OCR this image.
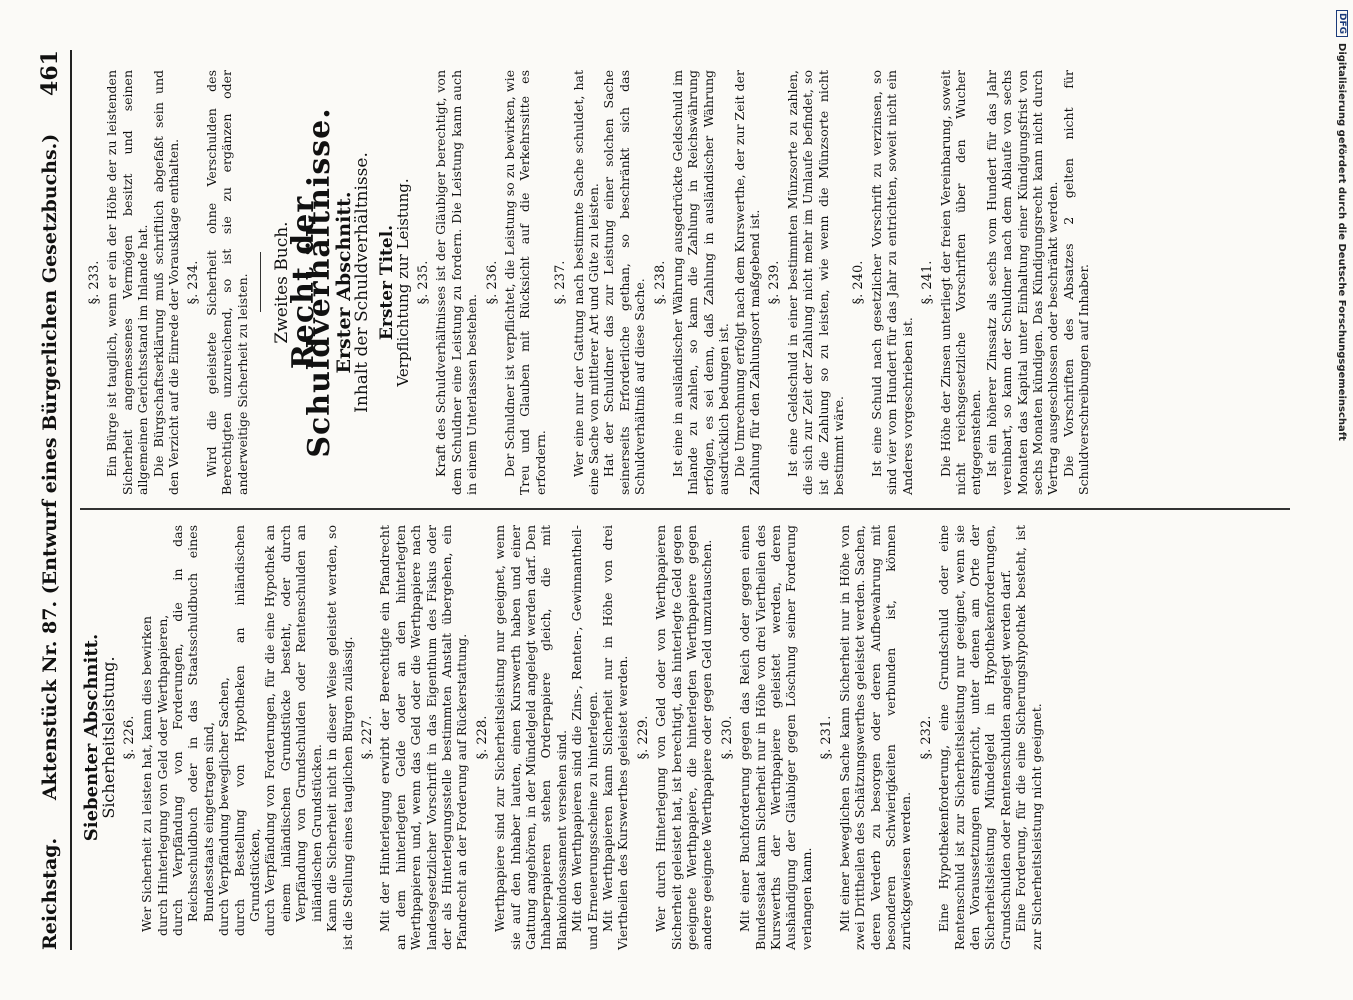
Reichstag.
Aktenstück Nr. 87. (Entwurf eines Bürgerlichen Gesetzbuchs.)
461
Siebenter Abschnitt.
Sicherheitsleistung. §. 226. Wer Sicherheit zu leisten hat, kann dies bewirken durch Hinterlegung von Geld oder Werthpapieren, durch Verpfändung von Forderungen, die in das Reichsschuldbuch oder in das Staatsschuldbuch eines Bundesstaats eingetragen sind, durch Verpfändung beweglicher Sachen, durch Bestellung von Hypotheken an inländischen Grundstücken, durch Verpfändung von Forderungen, für die eine Hypothek an einem inländischen Grundstücke besteht, oder durch Verpfändung von Grundschulden oder Rentenschulden an inländischen Grundstücken. Kann die Sicherheit nicht in dieser Weise geleistet werden, so ist die Stellung eines tauglichen Bürgen zulässig. §. 227. Mit der Hinterlegung erwirbt der Berechtigte ein Pfandrecht an dem hinterlegten Gelde oder an den hinterlegten Werthpapieren und, wenn das Geld oder die Werthpapiere nach landesgesetzlicher Vorschrift in das Eigenthum des Fiskus oder der als Hinterlegungsstelle bestimmten Anstalt übergehen, ein Pfandrecht an der Forderung auf Rückerstattung. §. 228. Werthpapiere sind zur Sicherheitsleistung nur geeignet, wenn sie auf den Inhaber lauten, einen Kurswerth haben und einer Gattung angehören, in der Mündelgeld angelegt werden darf. Den Inhaberpapieren stehen Orderpapiere gleich, die mit Blankoindossament versehen sind. Mit den Werthpapieren sind die Zins-, Renten-, Gewinnantheil- und Erneuerungsscheine zu hinterlegen. Mit Werthpapieren kann Sicherheit nur in Höhe von drei Viertheilen des Kurswerthes geleistet werden. §. 229. Wer durch Hinterlegung von Geld oder von Werthpapieren Sicherheit geleistet hat, ist berechtigt, das hinterlegte Geld gegen geeignete Werthpapiere, die hinterlegten Werthpapiere gegen andere geeignete Werthpapiere oder gegen Geld umzutauschen. §. 230. Mit einer Buchforderung gegen das Reich oder gegen einen Bundesstaat kann Sicherheit nur in Höhe von drei Viertheilen des Kurswerths der Werthpapiere geleistet werden, deren Aushändigung der Gläubiger gegen Löschung seiner Forderung verlangen kann.

§. 231. Mit einer beweglichen Sache kann Sicherheit nur in Höhe von zwei Drittheilen des Schätzungswerthes geleistet werden. Sachen, deren Verderb zu besorgen oder deren Aufbewahrung mit besonderen Schwierigkeiten verbunden ist, können zurückgewiesen werden.

§. 232. Eine Hypothekenforderung, eine Grundschuld oder eine Rentenschuld ist zur Sicherheitsleistung nur geeignet, wenn sie den Voraussetzungen entspricht, unter denen am Orte der Sicherheitsleistung Mündelgeld in Hypothekenforderungen, Grundschulden oder Rentenschulden angelegt werden darf. Eine Forderung, für die eine Sicherungshypothek besteht, ist zur Sicherheitsleistung nicht geeignet.

§. 233. Ein Bürge ist tauglich, wenn er ein der Höhe der zu leistenden Sicherheit angemessenes Vermögen besitzt und seinen allgemeinen Gerichtsstand im Inlande hat. Die Bürgschaftserklärung muß schriftlich abgefaßt sein und den Verzicht auf die Einrede der Vorausklage enthalten. §. 234. Wird die geleistete Sicherheit ohne Verschulden des Berechtigten unzureichend, so ist sie zu ergänzen oder anderweitige Sicherheit zu leisten. Zweites Buch.
Recht der Schuldverhältnisse.
Erster Abschnitt.
Inhalt der Schuldverhältnisse. Erster Titel.
Verpflichtung zur Leistung. §. 235. Kraft des Schuldverhältnisses ist der Gläubiger berechtigt, von dem Schuldner eine Leistung zu fordern. Die Leistung kann auch in einem Unterlassen bestehen.

§. 236. Der Schuldner ist verpflichtet, die Leistung so zu bewirken, wie Treu und Glauben mit Rücksicht auf die Verkehrssitte es erfordern.

§. 237. Wer eine nur der Gattung nach bestimmte Sache schuldet, hat eine Sache von mittlerer Art und Güte zu leisten. Hat der Schuldner das zur Leistung einer solchen Sache seinerseits Erforderliche gethan, so beschränkt sich das Schuldverhältniß auf diese Sache. §. 238. Ist eine in ausländischer Währung ausgedrückte Geldschuld im Inlande zu zahlen, so kann die Zahlung in Reichswährung erfolgen, es sei denn, daß Zahlung in ausländischer Währung ausdrücklich bedungen ist. Die Umrechnung erfolgt nach dem Kurswerthe, der zur Zeit der Zahlung für den Zahlungsort maßgebend ist. §. 239. Ist eine Geldschuld in einer bestimmten Münzsorte zu zahlen, die sich zur Zeit der Zahlung nicht mehr im Umlaufe befindet, so ist die Zahlung so zu leisten, wie wenn die Münzsorte nicht bestimmt wäre.

§. 240. Ist eine Schuld nach gesetzlicher Vorschrift zu verzinsen, so sind vier vom Hundert für das Jahr zu entrichten, soweit nicht ein Anderes vorgeschrieben ist.

§. 241. Die Höhe der Zinsen unterliegt der freien Vereinbarung, soweit nicht reichsgesetzliche Vorschriften über den Wucher entgegenstehen. Ist ein höherer Zinssatz als sechs vom Hundert für das Jahr vereinbart, so kann der Schuldner nach dem Ablaufe von sechs Monaten das Kapital unter Einhaltung einer Kündigungsfrist von sechs Monaten kündigen. Das Kündigungsrecht kann nicht durch Vertrag ausgeschlossen oder beschränkt werden. Die Vorschriften des Absatzes 2 gelten nicht für Schuldverschreibungen auf Inhaber.

DFG
Digitalisierung gefördert durch die Deutsche Forschungsgemeinschaft
